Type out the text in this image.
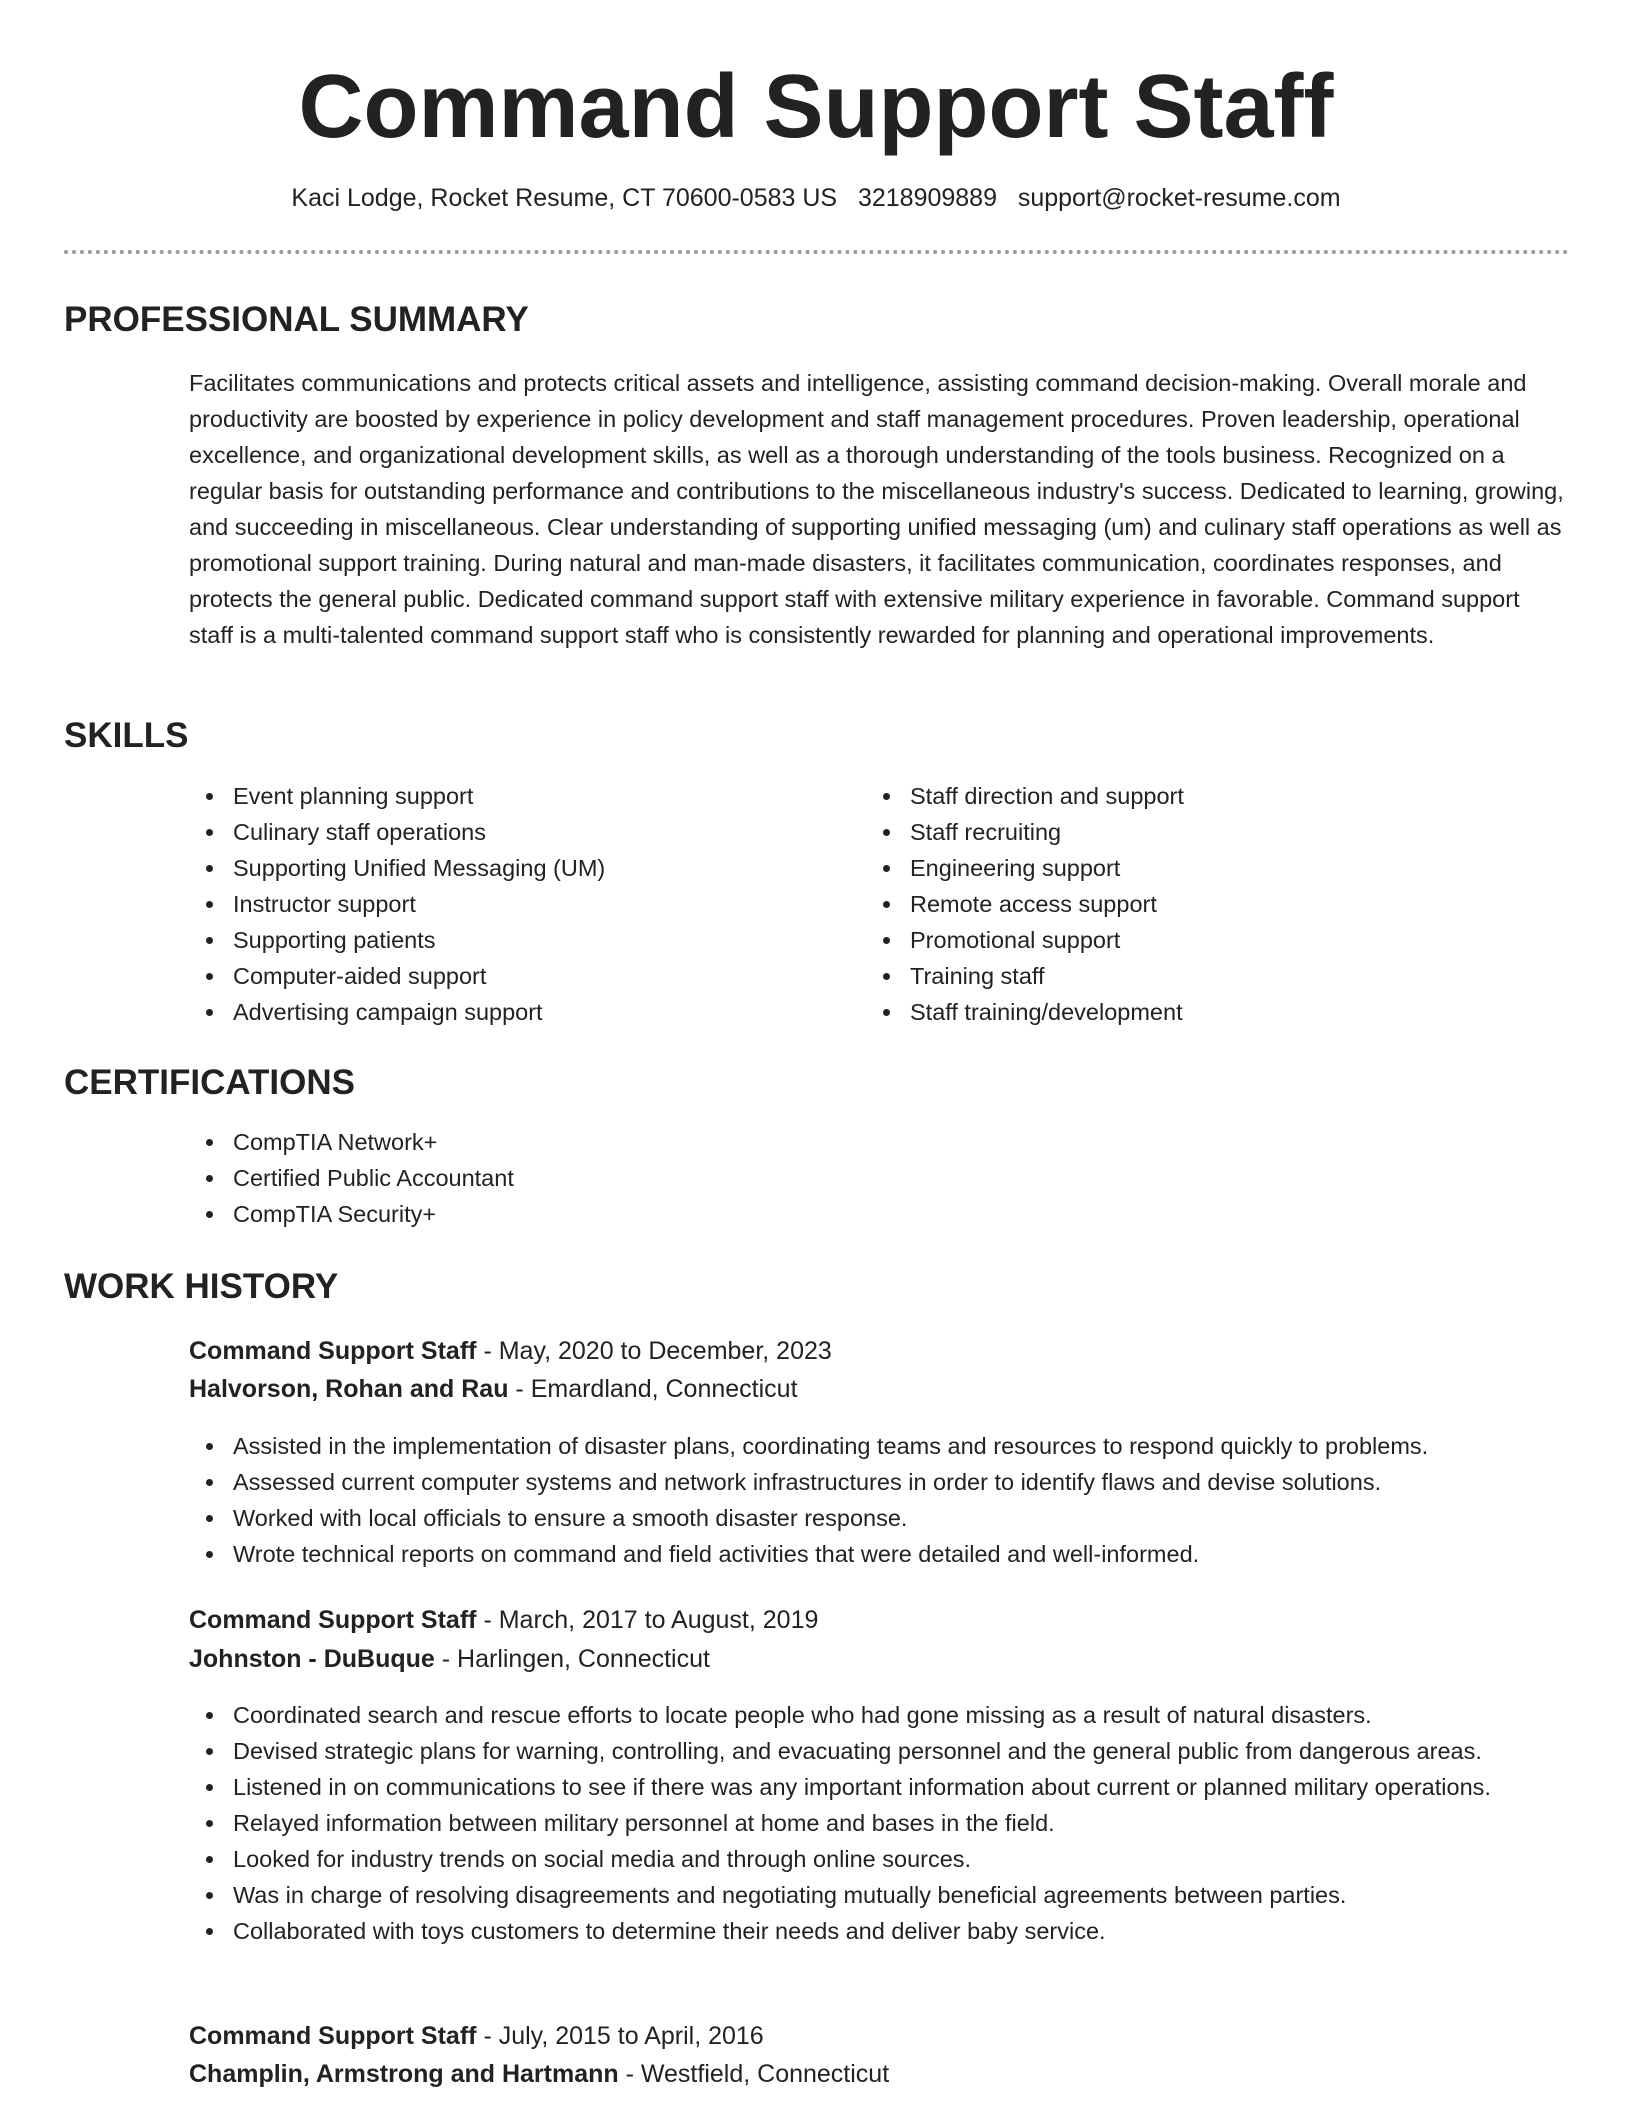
Command Support Staff
Kaci Lodge, Rocket Resume, CT 70600-0583 US 3218909889 support@rocket-resume.com
PROFESSIONAL SUMMARY
Facilitates communications and protects critical assets and intelligence, assisting command decision-making. Overall morale and productivity are boosted by experience in policy development and staff management procedures. Proven leadership, operational excellence, and organizational development skills, as well as a thorough understanding of the tools business. Recognized on a regular basis for outstanding performance and contributions to the miscellaneous industry's success. Dedicated to learning, growing, and succeeding in miscellaneous. Clear understanding of supporting unified messaging (um) and culinary staff operations as well as promotional support training. During natural and man-made disasters, it facilitates communication, coordinates responses, and protects the general public. Dedicated command support staff with extensive military experience in favorable. Command support staff is a multi-talented command support staff who is consistently rewarded for planning and operational improvements.
SKILLS
Event planning support
Culinary staff operations
Supporting Unified Messaging (UM)
Instructor support
Supporting patients
Computer-aided support
Advertising campaign support
Staff direction and support
Staff recruiting
Engineering support
Remote access support
Promotional support
Training staff
Staff training/development
CERTIFICATIONS
CompTIA Network+
Certified Public Accountant
CompTIA Security+
WORK HISTORY
Command Support Staff - May, 2020 to December, 2023
Halvorson, Rohan and Rau - Emardland, Connecticut
Assisted in the implementation of disaster plans, coordinating teams and resources to respond quickly to problems.
Assessed current computer systems and network infrastructures in order to identify flaws and devise solutions.
Worked with local officials to ensure a smooth disaster response.
Wrote technical reports on command and field activities that were detailed and well-informed.
Command Support Staff - March, 2017 to August, 2019
Johnston - DuBuque - Harlingen, Connecticut
Coordinated search and rescue efforts to locate people who had gone missing as a result of natural disasters.
Devised strategic plans for warning, controlling, and evacuating personnel and the general public from dangerous areas.
Listened in on communications to see if there was any important information about current or planned military operations.
Relayed information between military personnel at home and bases in the field.
Looked for industry trends on social media and through online sources.
Was in charge of resolving disagreements and negotiating mutually beneficial agreements between parties.
Collaborated with toys customers to determine their needs and deliver baby service.
Command Support Staff - July, 2015 to April, 2016
Champlin, Armstrong and Hartmann - Westfield, Connecticut
